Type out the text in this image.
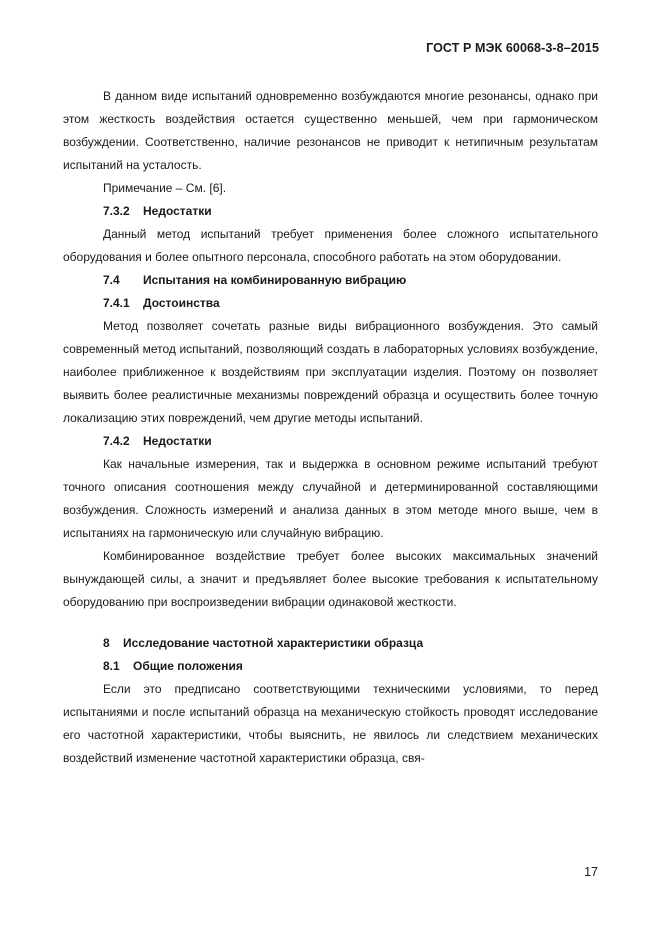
ГОСТ Р МЭК 60068-3-8–2015

В данном виде испытаний одновременно возбуждаются многие резонансы, однако при этом жесткость воздействия остается существенно меньшей, чем при гармоническом возбуждении. Соответственно, наличие резонансов не приводит к нетипичным результатам испытаний на усталость.

Примечание – См. [6].

7.3.2 Недостатки

Данный метод испытаний требует применения более сложного испытательного оборудования и более опытного персонала, способного работать на этом оборудовании.

7.4 Испытания на комбинированную вибрацию

7.4.1 Достоинства

Метод позволяет сочетать разные виды вибрационного возбуждения. Это самый современный метод испытаний, позволяющий создать в лабораторных условиях возбуждение, наиболее приближенное к воздействиям при эксплуатации изделия. Поэтому он позволяет выявить более реалистичные механизмы повреждений образца и осуществить более точную локализацию этих повреждений, чем другие методы испытаний.

7.4.2 Недостатки

Как начальные измерения, так и выдержка в основном режиме испытаний требуют точного описания соотношения между случайной и детерминированной составляющими возбуждения. Сложность измерений и анализа данных в этом методе много выше, чем в испытаниях на гармоническую или случайную вибрацию.

Комбинированное воздействие требует более высоких максимальных значений вынуждающей силы, а значит и предъявляет более высокие требования к испытательному оборудованию при воспроизведении вибрации одинаковой жесткости.

8 Исследование частотной характеристики образца

8.1 Общие положения

Если это предписано соответствующими техническими условиями, то перед испытаниями и после испытаний образца на механическую стойкость проводят исследование его частотной характеристики, чтобы выяснить, не явилось ли следствием механических воздействий изменение частотной характеристики образца, свя-

17
